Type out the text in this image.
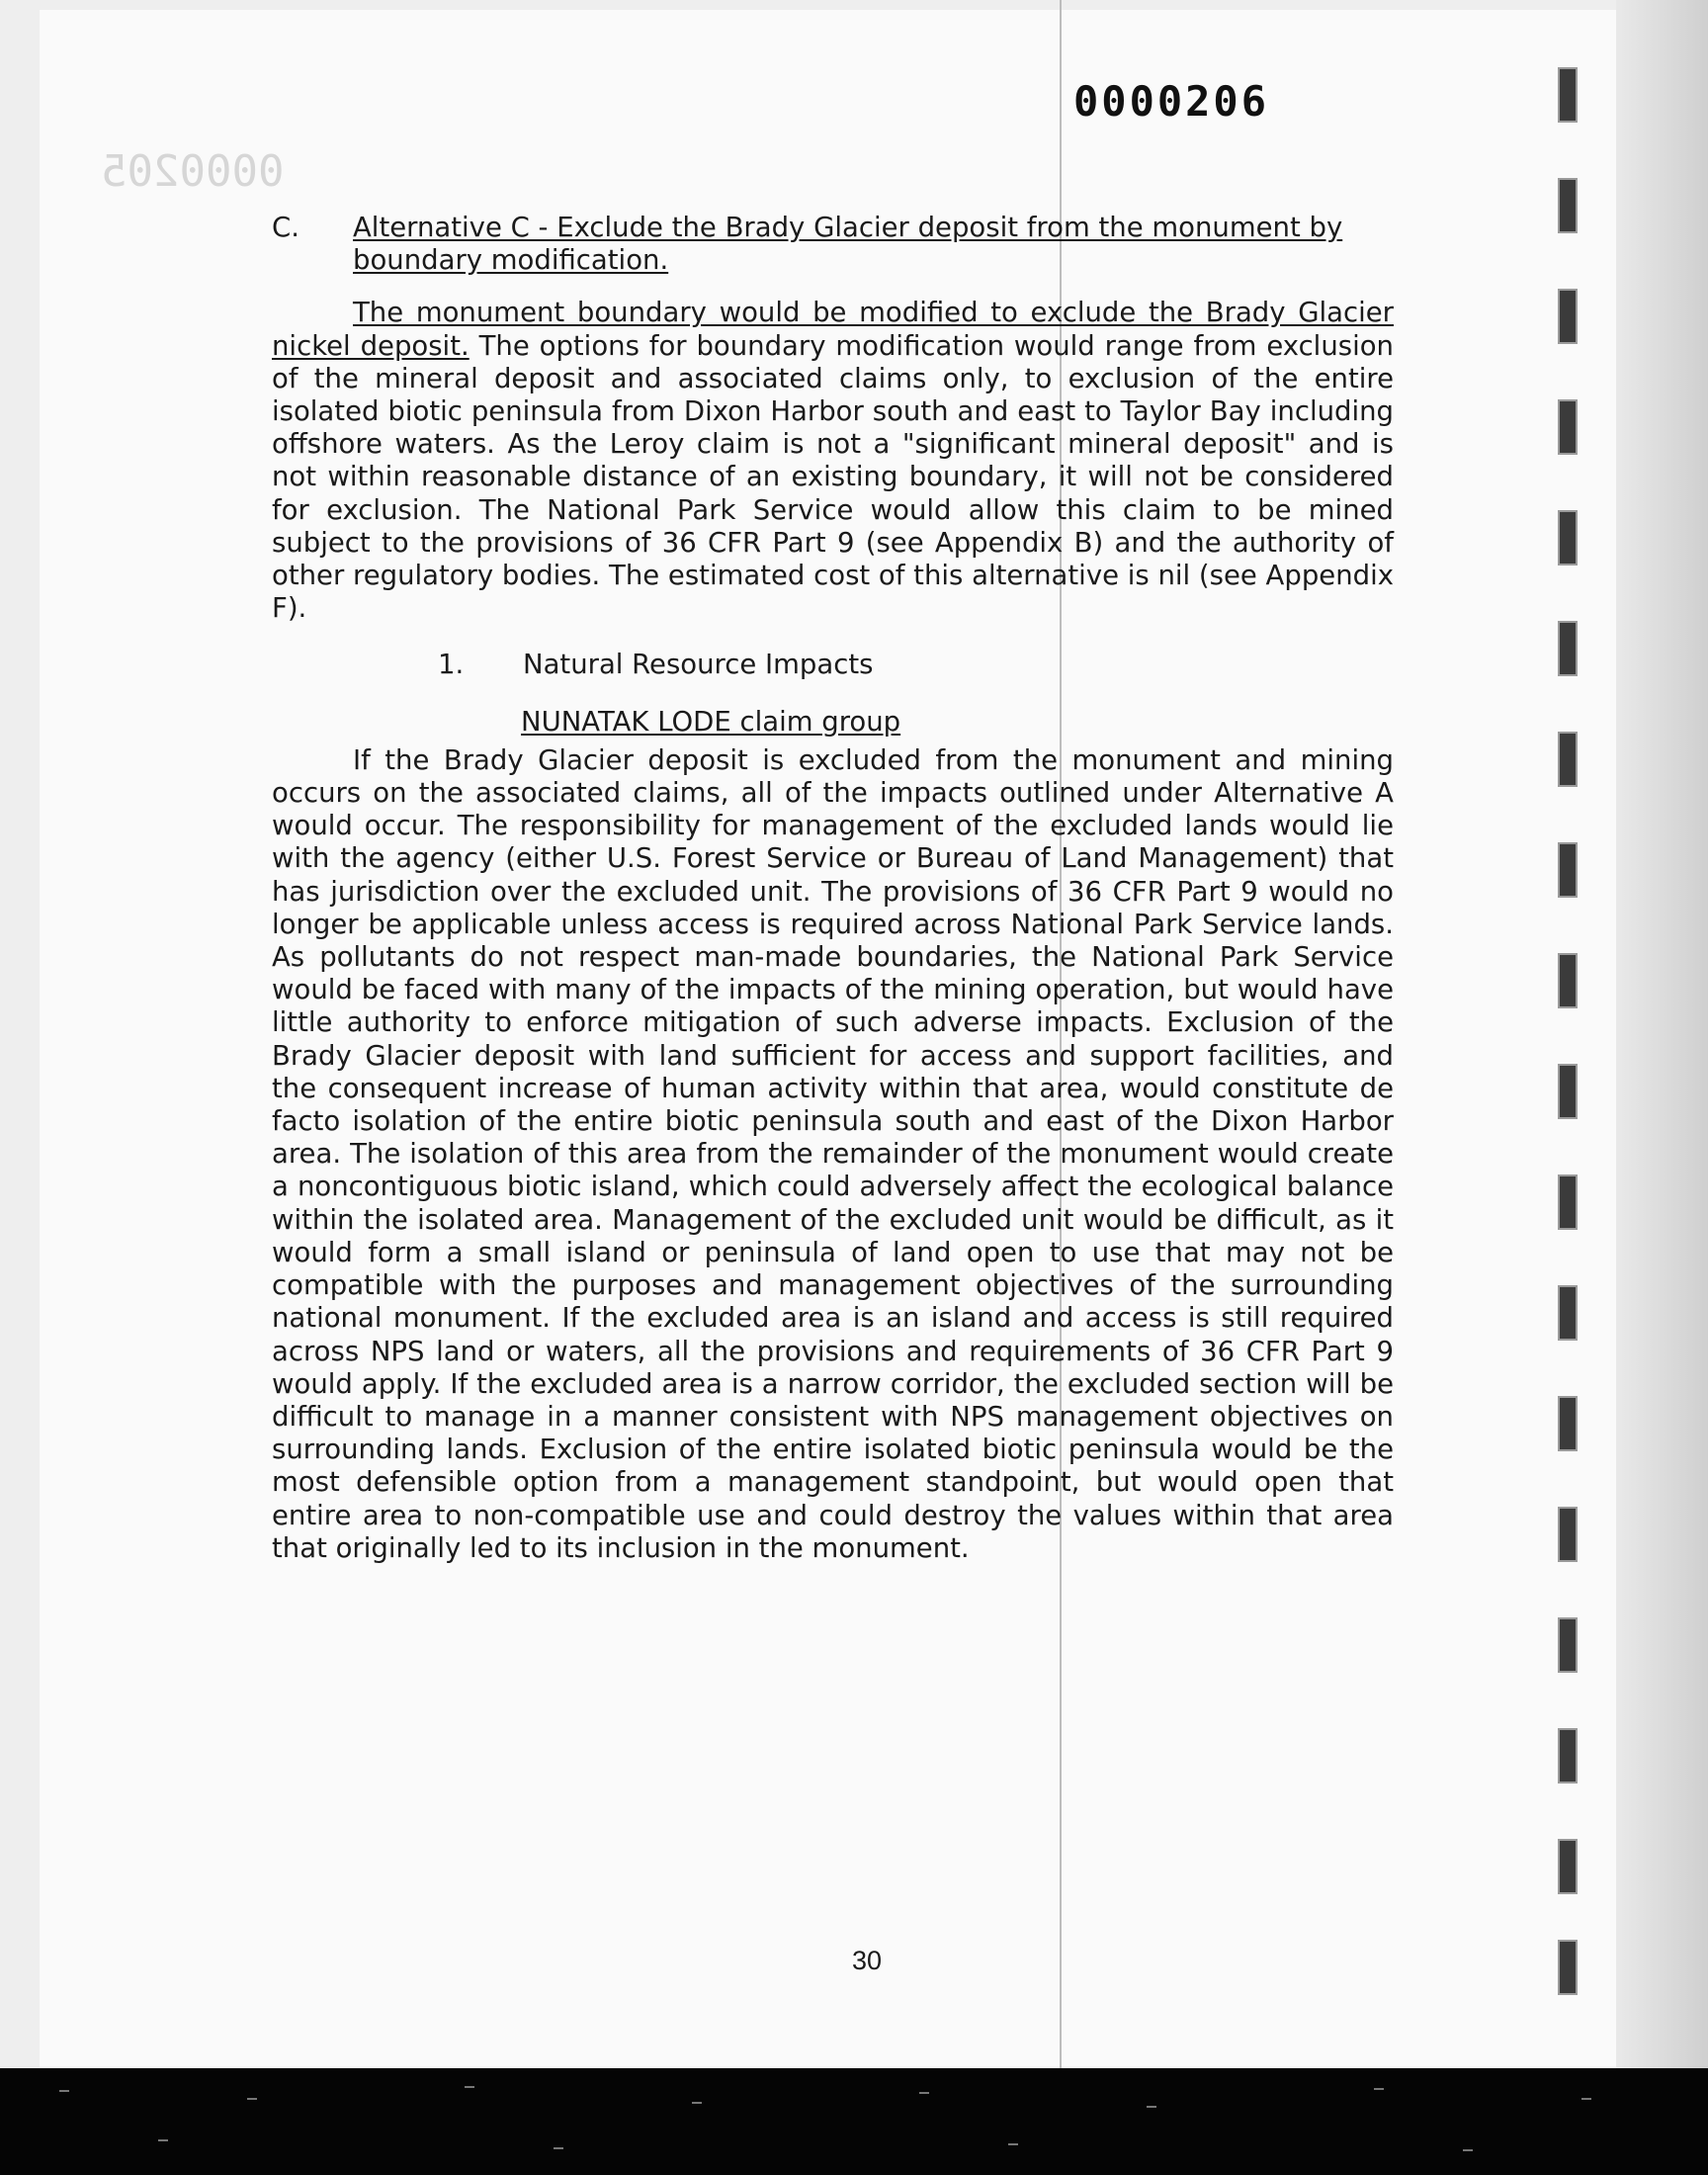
0000205
0000206
C.	Alternative C - Exclude the Brady Glacier deposit from the monument by boundary modification.

The monument boundary would be modified to exclude the Brady Glacier nickel deposit. The options for boundary modification would range from exclusion of the mineral deposit and associated claims only, to exclusion of the entire isolated biotic peninsula from Dixon Harbor south and east to Taylor Bay including offshore waters. As the Leroy claim is not a "significant mineral deposit" and is not within reasonable distance of an existing boundary, it will not be considered for exclusion. The National Park Service would allow this claim to be mined subject to the provisions of 36 CFR Part 9 (see Appendix B) and the authority of other regulatory bodies. The estimated cost of this alternative is nil (see Appendix F).

1.	Natural Resource Impacts
NUNATAK LODE claim group

If the Brady Glacier deposit is excluded from the monument and mining occurs on the associated claims, all of the impacts outlined under Alternative A would occur. The responsibility for management of the excluded lands would lie with the agency (either U.S. Forest Service or Bureau of Land Management) that has jurisdiction over the excluded unit. The provisions of 36 CFR Part 9 would no longer be applicable unless access is required across National Park Service lands. As pollutants do not respect man-made boundaries, the National Park Service would be faced with many of the impacts of the mining operation, but would have little authority to enforce mitigation of such adverse impacts. Exclusion of the Brady Glacier deposit with land sufficient for access and support facilities, and the consequent increase of human activity within that area, would constitute de facto isolation of the entire biotic peninsula south and east of the Dixon Harbor area. The isolation of this area from the remainder of the monument would create a noncontiguous biotic island, which could adversely affect the ecological balance within the isolated area. Management of the excluded unit would be difficult, as it would form a small island or peninsula of land open to use that may not be compatible with the purposes and management objectives of the surrounding national monument. If the excluded area is an island and access is still required across NPS land or waters, all the provisions and requirements of 36 CFR Part 9 would apply. If the excluded area is a narrow corridor, the excluded section will be difficult to manage in a manner consistent with NPS management objectives on surrounding lands. Exclusion of the entire isolated biotic peninsula would be the most defensible option from a management standpoint, but would open that entire area to non-compatible use and could destroy the values within that area that originally led to its inclusion in the monument.

30
